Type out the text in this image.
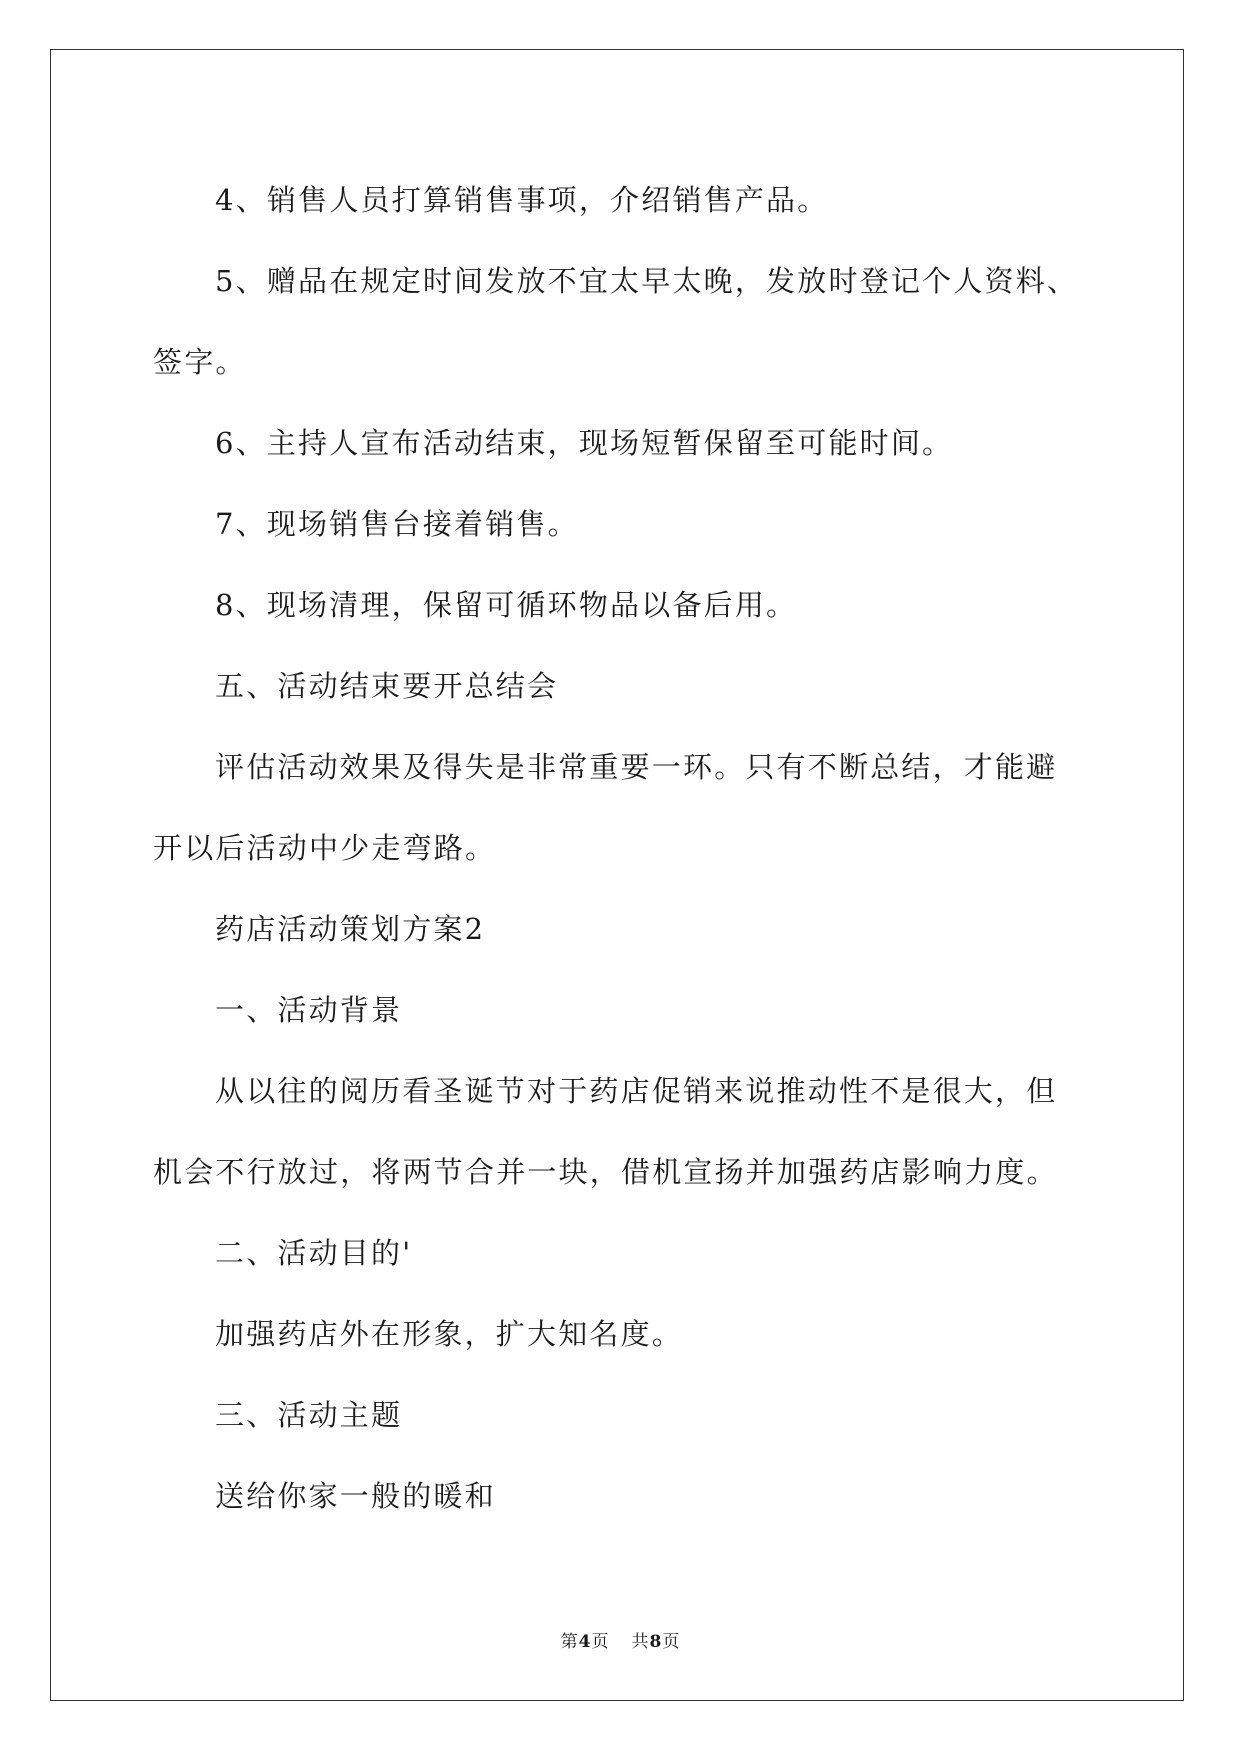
4、销售人员打算销售事项，介绍销售产品。

5、赠品在规定时间发放不宜太早太晚，发放时登记个人资料、签字。

6、主持人宣布活动结束，现场短暂保留至可能时间。

7、现场销售台接着销售。

8、现场清理，保留可循环物品以备后用。

五、活动结束要开总结会

评估活动效果及得失是非常重要一环。只有不断总结，才能避开以后活动中少走弯路。

药店活动策划方案2

一、活动背景

从以往的阅历看圣诞节对于药店促销来说推动性不是很大，但机会不行放过，将两节合并一块，借机宣扬并加强药店影响力度。

二、活动目的'

加强药店外在形象，扩大知名度。

三、活动主题

送给你家一般的暖和

第4页 共8页
